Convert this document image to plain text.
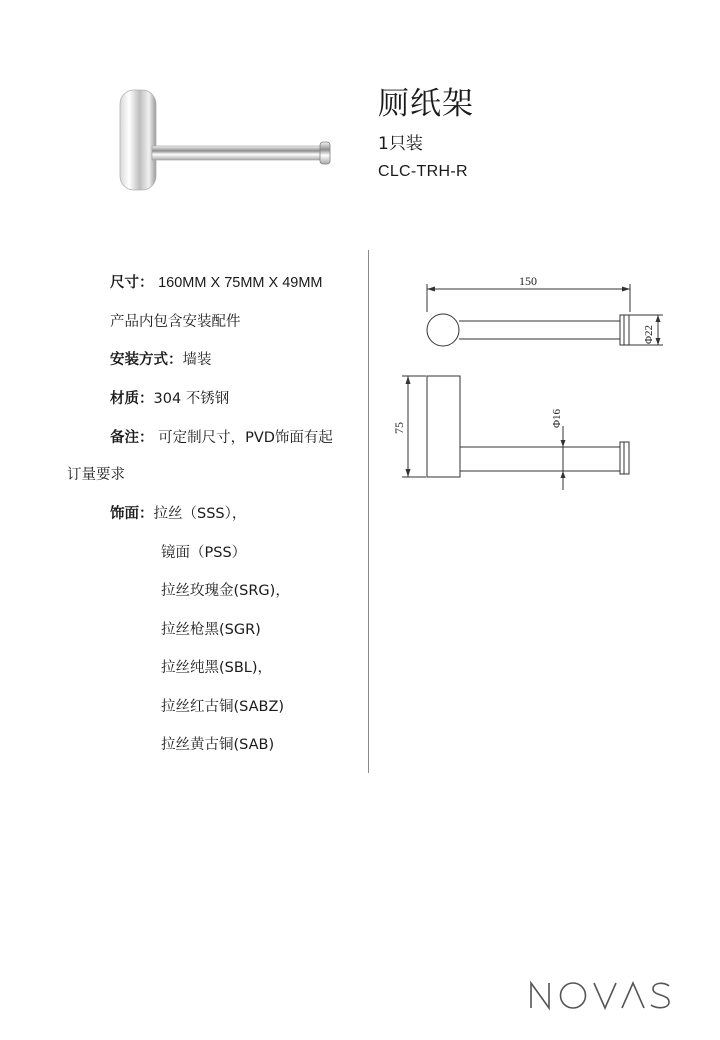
厕纸架
1只装
CLC-TRH-R
尺寸： 160MM X 75MM X 49MM
产品内包含安装配件
安装方式：墙装
材质：304 不锈钢
备注： 可定制尺寸，PVD饰面有起
订量要求
饰面：拉丝（SSS），
镜面（PSS）
拉丝玫瑰金(SRG)，
拉丝枪黑(SGR)
拉丝纯黑(SBL)，
拉丝红古铜(SABZ)
拉丝黄古铜(SAB)
150
Φ22
75	Φ16
